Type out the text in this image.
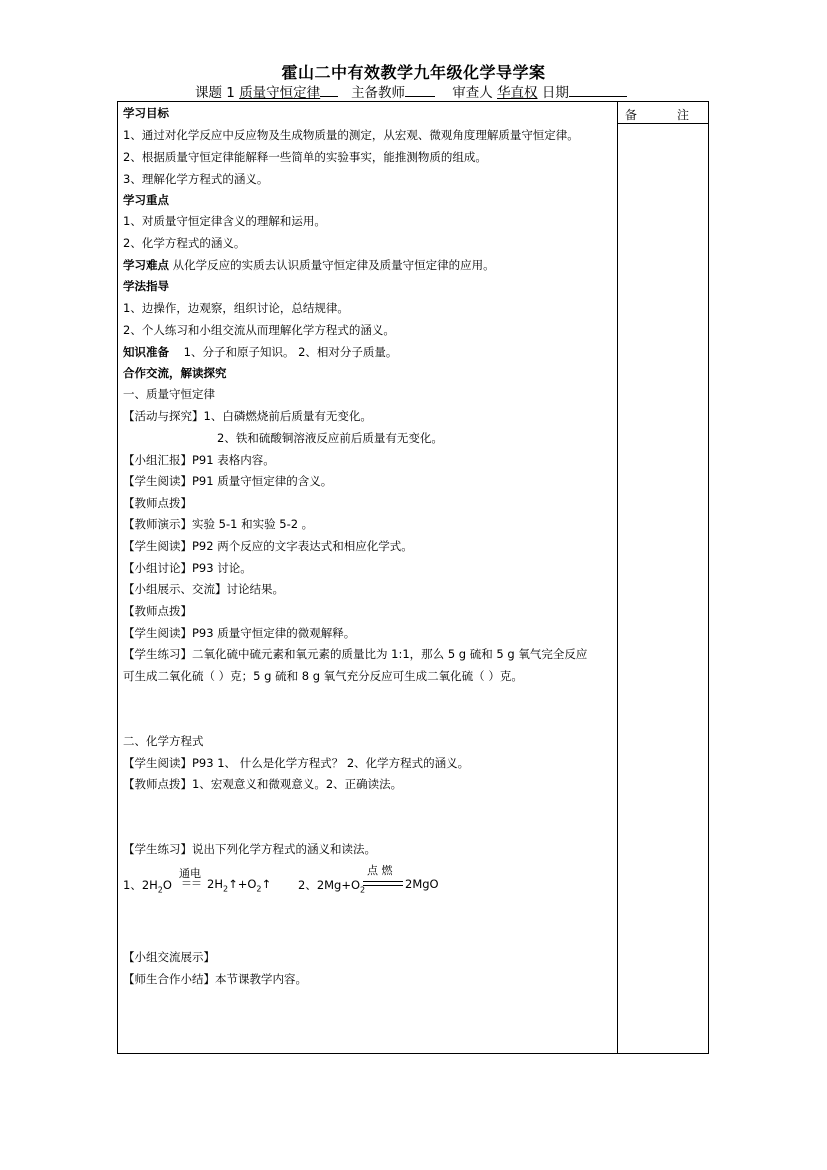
霍山二中有效教学九年级化学导学案
课题 1 质量守恒定律 主备教师	审查人 华直权 日期
备	注
学习目标
1、通过对化学反应中反应物及生成物质量的测定，从宏观、微观角度理解质量守恒定律。
2、根据质量守恒定律能解释一些简单的实验事实，能推测物质的组成。
3、理解化学方程式的涵义。
学习重点
1、对质量守恒定律含义的理解和运用。
2、化学方程式的涵义。
学习难点 从化学反应的实质去认识质量守恒定律及质量守恒定律的应用。
学法指导
1、边操作，边观察，组织讨论，总结规律。
2、个人练习和小组交流从而理解化学方程式的涵义。
知识准备 1、分子和原子知识。 2、相对分子质量。
合作交流，解读探究
一、质量守恒定律
【活动与探究】1、白磷燃烧前后质量有无变化。
2、铁和硫酸铜溶液反应前后质量有无变化。
【小组汇报】P91 表格内容。
【学生阅读】P91 质量守恒定律的含义。
【教师点拨】
【教师演示】实验 5-1 和实验 5-2 。
【学生阅读】P92 两个反应的文字表达式和相应化学式。
【小组讨论】P93 讨论。
【小组展示、交流】讨论结果。
【教师点拨】
【学生阅读】P93 质量守恒定律的微观解释。
【学生练习】二氧化硫中硫元素和氧元素的质量比为 1:1，那么 5 g 硫和 5 g 氧气完全反应
可生成二氧化硫（ ）克；5 g 硫和 8 g 氧气充分反应可生成二氧化硫（ ）克。
二、化学方程式
【学生阅读】P93 1、 什么是化学方程式？ 2、化学方程式的涵义。
【教师点拨】1、宏观意义和微观意义。2、正确读法。
【学生练习】说出下列化学方程式的涵义和读法。
1、$2H_2O$
通电
＝＝ $2H_2↑+O_2↑$ 2、$2Mg+O_2$
点 燃
2MgO
【小组交流展示】
【师生合作小结】本节课教学内容。
